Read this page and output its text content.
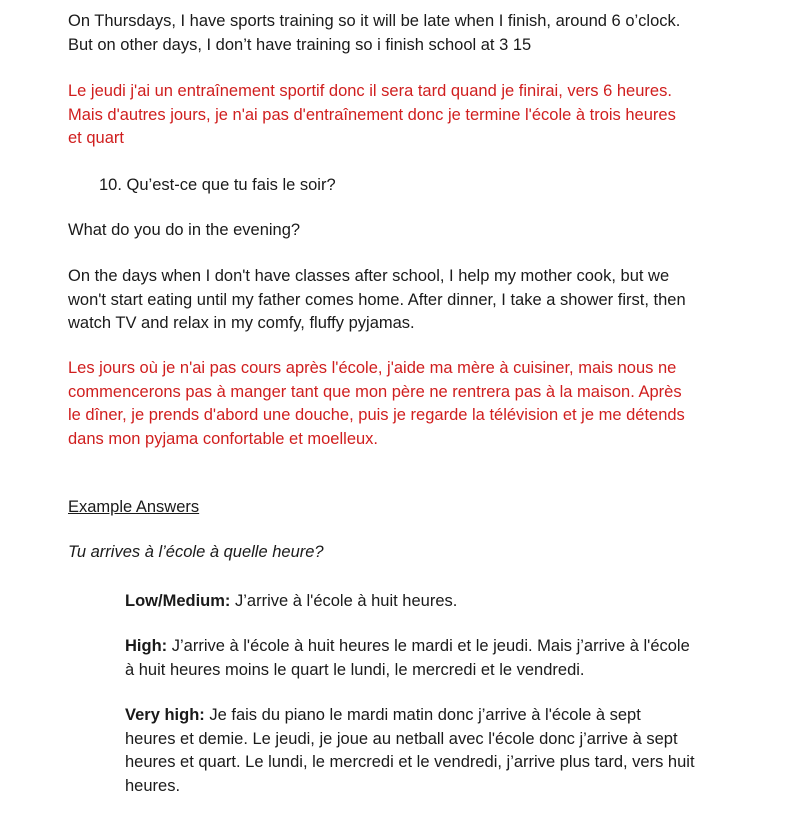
On Thursdays, I have sports training so it will be late when I finish, around 6 o’clock.
But on other days, I don’t have training so i finish school at 3 15
Le jeudi j'ai un entraînement sportif donc il sera tard quand je finirai, vers 6 heures.
Mais d'autres jours, je n'ai pas d'entraînement donc je termine l'école à trois heures
et quart
10. Qu’est-ce que tu fais le soir?
What do you do in the evening?
On the days when I don't have classes after school, I help my mother cook, but we
won't start eating until my father comes home. After dinner, I take a shower first, then
watch TV and relax in my comfy, fluffy pyjamas.
Les jours où je n'ai pas cours après l'école, j'aide ma mère à cuisiner, mais nous ne
commencerons pas à manger tant que mon père ne rentrera pas à la maison. Après
le dîner, je prends d'abord une douche, puis je regarde la télévision et je me détends
dans mon pyjama confortable et moelleux.
Example Answers
Tu arrives à l’école à quelle heure?
Low/Medium: J’arrive à l'école à huit heures.
High: J’arrive à l'école à huit heures le mardi et le jeudi. Mais j’arrive à l'école
à huit heures moins le quart le lundi, le mercredi et le vendredi.
Very high: Je fais du piano le mardi matin donc j’arrive à l'école à sept
heures et demie. Le jeudi, je joue au netball avec l'école donc j’arrive à sept
heures et quart. Le lundi, le mercredi et le vendredi, j’arrive plus tard, vers huit
heures.
